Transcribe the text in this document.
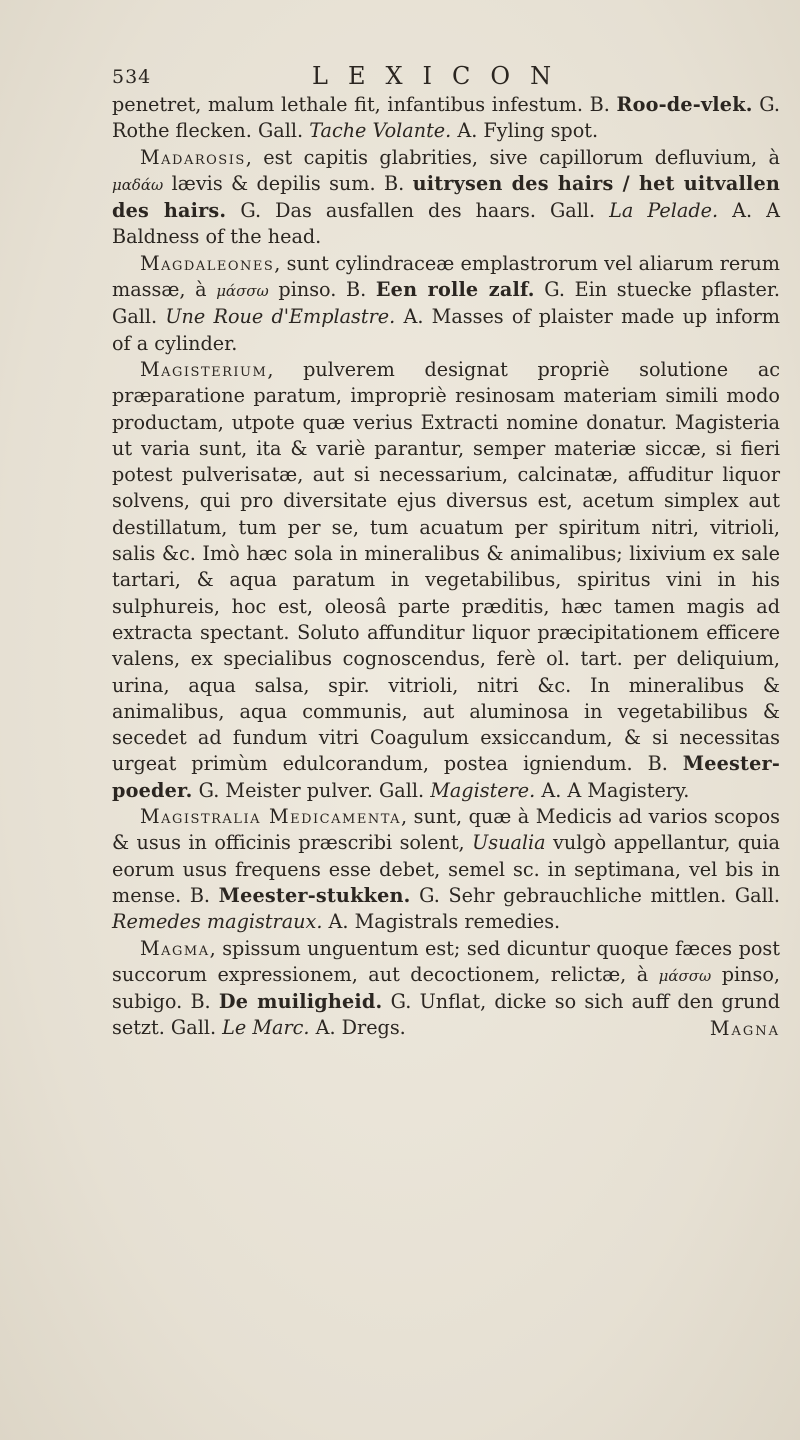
534	LEXICON

penetret, malum lethale fit, infantibus infestum. B. Roo-de-vlek. G. Rothe flecken. Gall. Tache Volante. A. Fyling spot.

Madarosis, est capitis glabrities, sive capillorum defluvium, à μαδάω lævis & depilis sum. B. uitrysen des hairs / het uitvallen des hairs. G. Das ausfallen des haars. Gall. La Pelade. A. A Baldness of the head.

Magdaleones, sunt cylindraceæ emplastrorum vel aliarum rerum massæ, à μάσσω pinso. B. Een rolle zalf. G. Ein stuecke pflaster. Gall. Une Roue d'Emplastre. A. Masses of plaister made up inform of a cylinder.

Magisterium, pulverem designat propriè solutione ac præparatione paratum, impropriè resinosam materiam simili modo productam, utpote quæ verius Extracti nomine donatur. Magisteria ut varia sunt, ita & variè parantur, semper materiæ siccæ, si fieri potest pulverisatæ, aut si necessarium, calcinatæ, affuditur liquor solvens, qui pro diversitate ejus diversus est, acetum simplex aut destillatum, tum per se, tum acuatum per spiritum nitri, vitrioli, salis &c. Imò hæc sola in mineralibus & animalibus; lixivium ex sale tartari, & aqua paratum in vegetabilibus, spiritus vini in his sulphureis, hoc est, oleosâ parte præditis, hæc tamen magis ad extracta spectant. Soluto affunditur liquor præcipitationem efficere valens, ex specialibus cognoscendus, ferè ol. tart. per deliquium, urina, aqua salsa, spir. vitrioli, nitri &c. In mineralibus & animalibus, aqua communis, aut aluminosa in vegetabilibus & secedet ad fundum vitri Coagulum exsiccandum, & si necessitas urgeat primùm edulcorandum, postea igniendum. B. Meester-poeder. G. Meister pulver. Gall. Magistere. A. A Magistery.

Magistralia Medicamenta, sunt, quæ à Medicis ad varios scopos & usus in officinis præscribi solent, Usualia vulgò appellantur, quia eorum usus frequens esse debet, semel sc. in septimana, vel bis in mense. B. Meester-stukken. G. Sehr gebrauchliche mittlen. Gall. Remedes magistraux. A. Magistrals remedies.

Magma, spissum unguentum est; sed dicuntur quoque fæces post succorum expressionem, aut decoctionem, relictæ, à μάσσω pinso, subigo. B. De muiligheid. G. Unflat, dicke so sich auff den grund setzt. Gall. Le Marc. A. Dregs.	Magna
